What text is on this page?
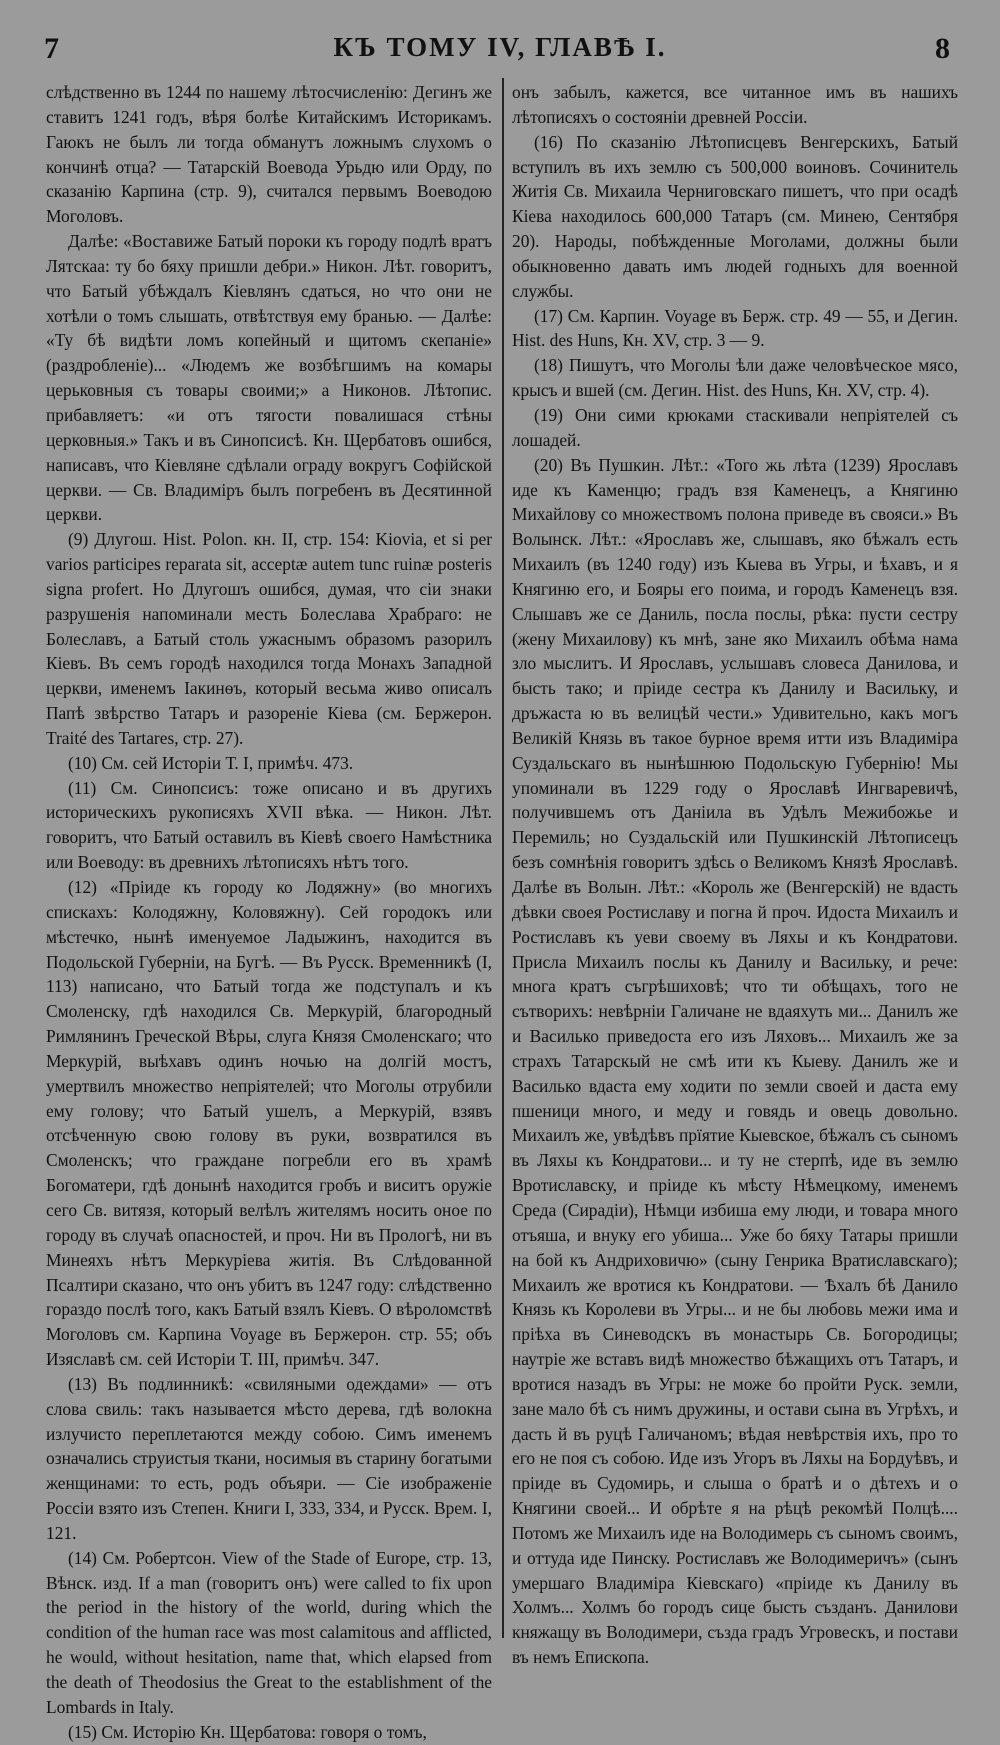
7	КЪ ТОМУ IV, ГЛАВѢ I.	8

слѣдственно въ 1244 по нашему лѣтосчисленію: Дегинъ же ставитъ 1241 годъ, вѣря болѣе Китайскимъ Историкамъ. Гаюкъ не былъ ли тогда обманутъ ложнымъ слухомъ о кончинѣ отца? — Татарскій Воевода Урьдю или Орду, по сказанію Карпина (стр. 9), считался первымъ Воеводою Моголовъ.

Далѣе: «Воставиже Батый пороки къ городу подлѣ вратъ Лятскаа: ту бо бяху пришли дебри.» Никон. Лѣт. говоритъ, что Батый убѣждалъ Кіевлянъ сдаться, но что они не хотѣли о томъ слышать, отвѣтствуя ему бранью. — Далѣе: «Ту бѣ видѣти ломъ копейный и щитомъ скепаніе» (раздробленіе)... «Людемъ же возбѣгшимъ на комары церьковныя съ товары своими;» а Никонов. Лѣтопис. прибавляетъ: «и отъ тягости повалишася стѣны церковныя.» Такъ и въ Синопсисѣ. Кн. Щербатовъ ошибся, написавъ, что Кіевляне сдѣлали ограду вокругъ Софійской церкви. — Св. Владиміръ былъ погребенъ въ Десятинной церкви.

(9) Длугош. Hist. Polon. кн. II, стр. 154: Kiovia, et si per varios participes reparata sit, acceptæ autem tunc ruinæ posteris signa profert. Но Длугошъ ошибся, думая, что сіи знаки разрушенія напоминали месть Болеслава Храбраго: не Болеславъ, а Батый столь ужаснымъ образомъ разорилъ Кіевъ. Въ семъ городѣ находился тогда Монахъ Западной церкви, именемъ Іакинѳъ, который весьма живо описалъ Папѣ звѣрство Татаръ и разореніе Кіева (см. Бержерон. Traité des Tartares, стр. 27).

(10) См. сей Исторіи Т. I, примѣч. 473.

(11) См. Синопсисъ: тоже описано и въ другихъ историческихъ рукописяхъ XVII вѣка. — Никон. Лѣт. говоритъ, что Батый оставилъ въ Кіевѣ своего Намѣстника или Воеводу: въ древнихъ лѣтописяхъ нѣтъ того.

(12) «Пріиде къ городу ко Лодяжну» (во многихъ спискахъ: Колодяжну, Коловяжну). Сей городокъ или мѣстечко, нынѣ именуемое Ладыжинъ, находится въ Подольской Губерніи, на Бугѣ. — Въ Русск. Временникѣ (I, 113) написано, что Батый тогда же подступалъ и къ Смоленску, гдѣ находился Св. Меркурій, благородный Римлянинъ Греческой Вѣры, слуга Князя Смоленскаго; что Меркурій, выѣхавъ одинъ ночью на долгій мостъ, умертвилъ множество непріятелей; что Моголы отрубили ему голову; что Батый ушелъ, а Меркурій, взявъ отсѣченную свою голову въ руки, возвратился въ Смоленскъ; что граждане погребли его въ храмѣ Богоматери, гдѣ донынѣ находится гробъ и виситъ оружіе сего Св. витязя, который велѣлъ жителямъ носить оное по городу въ случаѣ опасностей, и проч. Ни въ Прологѣ, ни въ Минеяхъ нѣтъ Меркуріева житія. Въ Слѣдованной Псалтири сказано, что онъ убитъ въ 1247 году: слѣдственно гораздо послѣ того, какъ Батый взялъ Кіевъ. О вѣроломствѣ Моголовъ см. Карпина Voyage въ Бержерон. стр. 55; объ Изяславѣ см. сей Исторіи Т. III, примѣч. 347.

(13) Въ подлинникѣ: «свиляными одеждами» — отъ слова свиль: такъ называется мѣсто дерева, гдѣ волокна излучисто переплетаются между собою. Симъ именемъ означались струистыя ткани, носимыя въ старину богатыми женщинами: то есть, родъ объяри. — Сіе изображеніе Россіи взято изъ Степен. Книги I, 333, 334, и Русск. Врем. I, 121.

(14) См. Робертсон. View of the Stade of Europe, стр. 13, Вѣнск. изд. If a man (говоритъ онъ) were called to fix upon the period in the history of the world, during which the condition of the human race was most calamitous and afflicted, he would, without hesitation, name that, which elapsed from the death of Theodosius the Great to the establishment of the Lombards in Italy.

(15) См. Исторію Кн. Щербатова: говоря о томъ,

онъ забылъ, кажется, все читанное имъ въ нашихъ лѣтописяхъ о состояніи древней Россіи.

(16) По сказанію Лѣтописцевъ Венгерскихъ, Батый вступилъ въ ихъ землю съ 500,000 воиновъ. Сочинитель Житія Св. Михаила Черниговскаго пишетъ, что при осадѣ Кіева находилось 600,000 Татаръ (см. Минею, Сентября 20). Народы, побѣжденные Моголами, должны были обыкновенно давать имъ людей годныхъ для военной службы.

(17) См. Карпин. Voyage въ Берж. стр. 49 — 55, и Дегин. Hist. des Huns, Кн. XV, стр. 3 — 9.

(18) Пишутъ, что Моголы ѣли даже человѣческое мясо, крысъ и вшей (см. Дегин. Hist. des Huns, Кн. XV, стр. 4).

(19) Они сими крюками стаскивали непріятелей съ лошадей.

(20) Въ Пушкин. Лѣт.: «Того жь лѣта (1239) Ярославъ иде къ Каменцю; градъ взя Каменецъ, а Княгиню Михайлову со множествомъ полона приведе въ свояси.» Въ Волынск. Лѣт.: «Ярославъ же, слышавъ, яко бѣжалъ есть Михаилъ (въ 1240 году) изъ Кыева въ Угры, и ѣхавъ, и я Княгиню его, и Бояры его поима, и городъ Каменецъ взя. Слышавъ же се Даниль, посла послы, рѣка: пусти сестру (жену Михаилову) къ мнѣ, зане яко Михаилъ обѣма нама зло мыслитъ. И Ярославъ, услышавъ словеса Данилова, и бысть тако; и пріиде сестра къ Данилу и Васильку, и дръжаста ю въ велицѣй чести.» Удивительно, какъ могъ Великій Князь въ такое бурное время итти изъ Владиміра Суздальскаго въ нынѣшнюю Подольскую Губернію! Мы упоминали въ 1229 году о Ярославѣ Ингваревичѣ, получившемъ отъ Даніила въ Удѣлъ Межибожье и Перемиль; но Суздальскій или Пушкинскій Лѣтописецъ безъ сомнѣнія говоритъ здѣсь о Великомъ Князѣ Ярославѣ. Далѣе въ Волын. Лѣт.: «Король же (Венгерскій) не вдасть дѣвки своея Ростиславу и погна й проч. Идоста Михаилъ и Ростиславъ къ уеви своему въ Ляхы и къ Кондратови. Присла Михаилъ послы къ Данилу и Васильку, и рече: многа кратъ съгрѣшиховѣ; что ти обѣщахъ, того не сътворихъ: невѣрніи Галичане не вдаяхуть ми... Данилъ же и Василько приведоста его изъ Ляховъ... Михаилъ же за страхъ Татарскый не смѣ ити къ Кыеву. Данилъ же и Василько вдаста ему ходити по земли своей и даста ему пшеници много, и меду и говядь и овець довольно. Михаилъ же, увѣдѣвъ прїятие Кыевское, бѣжалъ съ сыномъ въ Ляхы къ Кондратови... и ту не стерпѣ, иде въ землю Вротиславску, и пріиде къ мѣсту Нѣмецкому, именемъ Среда (Сирадіи), Нѣмци избиша ему люди, и товара много отъяша, и внуку его убиша... Уже бо бяху Татары пришли на бой къ Андриховичю» (сыну Генрика Вратиславскаго); Михаилъ же вротися къ Кондратови. — Ѣхалъ бѣ Данило Князь къ Королеви въ Угры... и не бы любовь межи има и пріѣха въ Синеводскъ въ монастырь Св. Богородицы; наутріе же вставъ видѣ множество бѣжащихъ отъ Татаръ, и вротися назадъ въ Угры: не може бо пройти Руск. земли, зане мало бѣ съ нимъ дружины, и остави сына въ Угрѣхъ, и дасть й въ руцѣ Галичаномъ; вѣдая невѣрствія ихъ, про то его не поя съ собою. Иде изъ Угоръ въ Ляхы на Бордуѣвъ, и пріиде въ Судомирь, и слыша о братѣ и о дѣтехъ и о Княгини своей... И обрѣте я на рѣцѣ рекомѣй Полцѣ.... Потомъ же Михаилъ иде на Володимерь съ сыномъ своимъ, и оттуда иде Пинску. Ростиславъ же Володимеричъ» (сынъ умершаго Владиміра Кіевскаго) «пріиде къ Данилу въ Холмъ... Холмъ бо городъ сице бысть създанъ. Данилови княжащу въ Володимери, създа градъ Угровескъ, и постави въ немъ Епископа.
